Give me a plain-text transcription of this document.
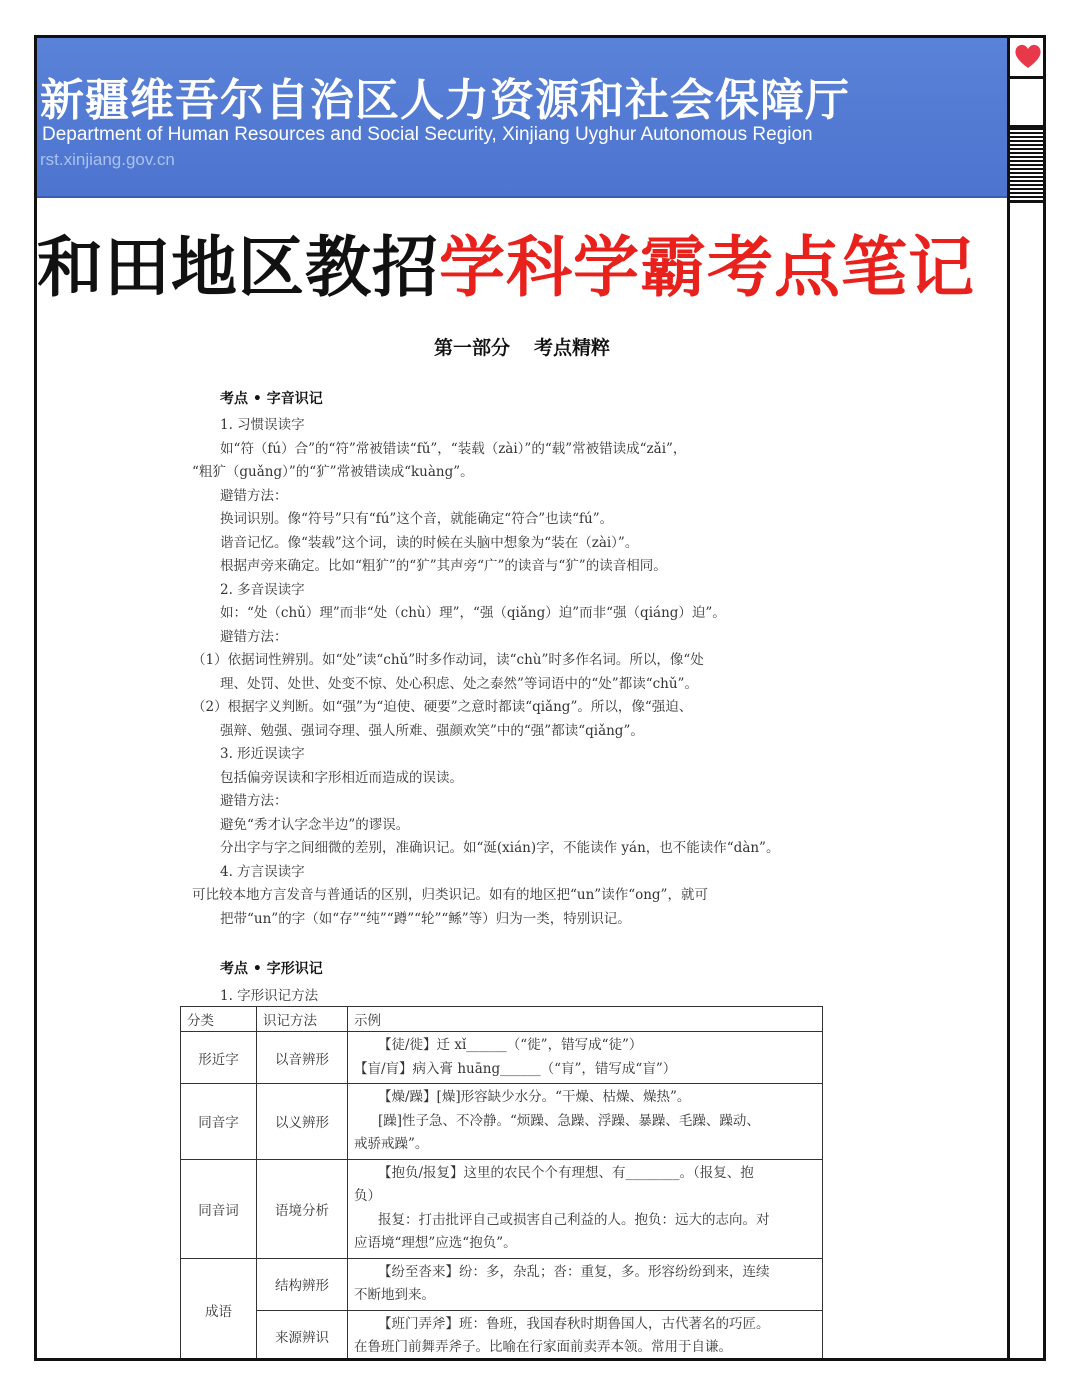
新疆维吾尔自治区人力资源和社会保障厅
Department of Human Resources and Social Security, Xinjiang Uyghur Autonomous Region
rst.xinjiang.gov.cn
和田地区教招学科学霸考点笔记
第一部分 考点精粹
考点 • 字音识记
1. 习惯误读字
如“符（fú）合”的“符”常被错读“fǔ”，“装载（zài）”的“载”常被错读成“zǎi”，
“粗犷（guǎng）”的“犷”常被错读成“kuàng”。
避错方法：
换词识别。像“符号”只有“fú”这个音，就能确定“符合”也读“fú”。
谐音记忆。像“装载”这个词，读的时候在头脑中想象为“装在（zài）”。
根据声旁来确定。比如“粗犷”的“犷”其声旁“广”的读音与“犷”的读音相同。
2. 多音误读字
如：“处（chǔ）理”而非“处（chù）理”，“强（qiǎng）迫”而非“强（qiáng）迫”。
避错方法：
（1）依据词性辨别。如“处”读“chǔ”时多作动词，读“chù”时多作名词。所以，像“处
理、处罚、处世、处变不惊、处心积虑、处之泰然”等词语中的“处”都读“chǔ”。
（2）根据字义判断。如“强”为“迫使、硬要”之意时都读“qiǎng”。所以，像“强迫、
强辩、勉强、强词夺理、强人所难、强颜欢笑”中的“强”都读“qiǎng”。
3. 形近误读字
包括偏旁误读和字形相近而造成的误读。
避错方法：
避免“秀才认字念半边”的谬误。
分出字与字之间细微的差别，准确识记。如“涎(xián)字，不能读作 yán，也不能读作“dàn”。
4. 方言误读字
可比较本地方言发音与普通话的区别，归类识记。如有的地区把“un”读作“ong”，就可
把带“un”的字（如“存”“纯”“蹲”“轮”“鲧”等）归为一类，特别识记。
考点 • 字形识记
1. 字形识记方法
分类	识记方法	示例
形近字	以音辨形	【徒/徙】迁 xǐ______（“徙”，错写成“徒”）
【盲/肓】病入膏 huāng______（“肓”，错写成“盲”）

同音字	以义辨形	【燥/躁】[燥]形容缺少水分。“干燥、枯燥、燥热”。
[躁]性子急、不冷静。“烦躁、急躁、浮躁、暴躁、毛躁、躁动、
戒骄戒躁”。

同音词	语境分析	【抱负/报复】这里的农民个个有理想、有________。（报复、抱
负）
报复：打击批评自己或损害自己利益的人。抱负：远大的志向。对
应语境“理想”应选“抱负”。

成语	结构辨形	【纷至沓来】纷：多，杂乱；沓：重复，多。形容纷纷到来，连续
不断地到来。

	来源辨识	【班门弄斧】班：鲁班，我国春秋时期鲁国人，古代著名的巧匠。
在鲁班门前舞弄斧子。比喻在行家面前卖弄本领。常用于自谦。
